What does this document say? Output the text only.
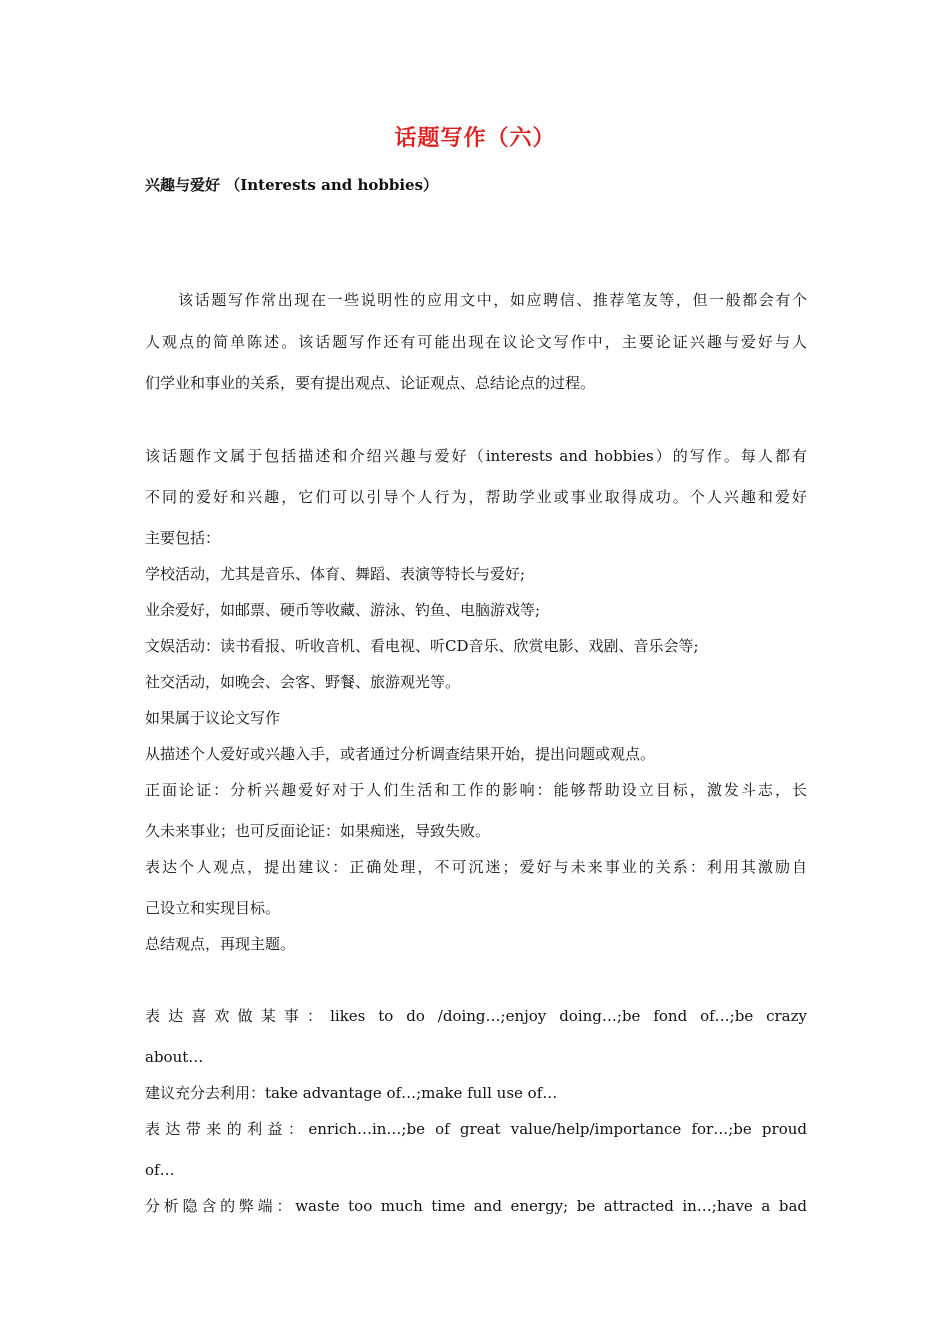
话题写作（六）
兴趣与爱好 （Interests and hobbies）
　　该话题写作常出现在一些说明性的应用文中，如应聘信、推荐笔友等，但一般都会有个
人观点的简单陈述。该话题写作还有可能出现在议论文写作中，主要论证兴趣与爱好与人
们学业和事业的关系，要有提出观点、论证观点、总结论点的过程。
该话题作文属于包括描述和介绍兴趣与爱好（interests and hobbies）的写作。每人都有
不同的爱好和兴趣，它们可以引导个人行为，帮助学业或事业取得成功。个人兴趣和爱好
主要包括：
学校活动，尤其是音乐、体育、舞蹈、表演等特长与爱好;
业余爱好，如邮票、硬币等收藏、游泳、钓鱼、电脑游戏等;
文娱活动：读书看报、听收音机、看电视、听CD音乐、欣赏电影、戏剧、音乐会等;
社交活动，如晚会、会客、野餐、旅游观光等。
如果属于议论文写作
从描述个人爱好或兴趣入手，或者通过分析调查结果开始，提出问题或观点。
正面论证：分析兴趣爱好对于人们生活和工作的影响：能够帮助设立目标，激发斗志，长
久未来事业；也可反面论证：如果痴迷，导致失败。
表达个人观点，提出建议：正确处理，不可沉迷；爱好与未来事业的关系：利用其激励自
己设立和实现目标。
总结观点，再现主题。
表达喜欢做某事：likes to do /doing…;enjoy doing…;be fond of…;be crazy
about…
建议充分去利用：take advantage of…;make full use of…
表达带来的利益：enrich…in…;be of great value/help/importance for…;be proud
of…
分析隐含的弊端：waste too much time and energy; be attracted in…;have a bad
